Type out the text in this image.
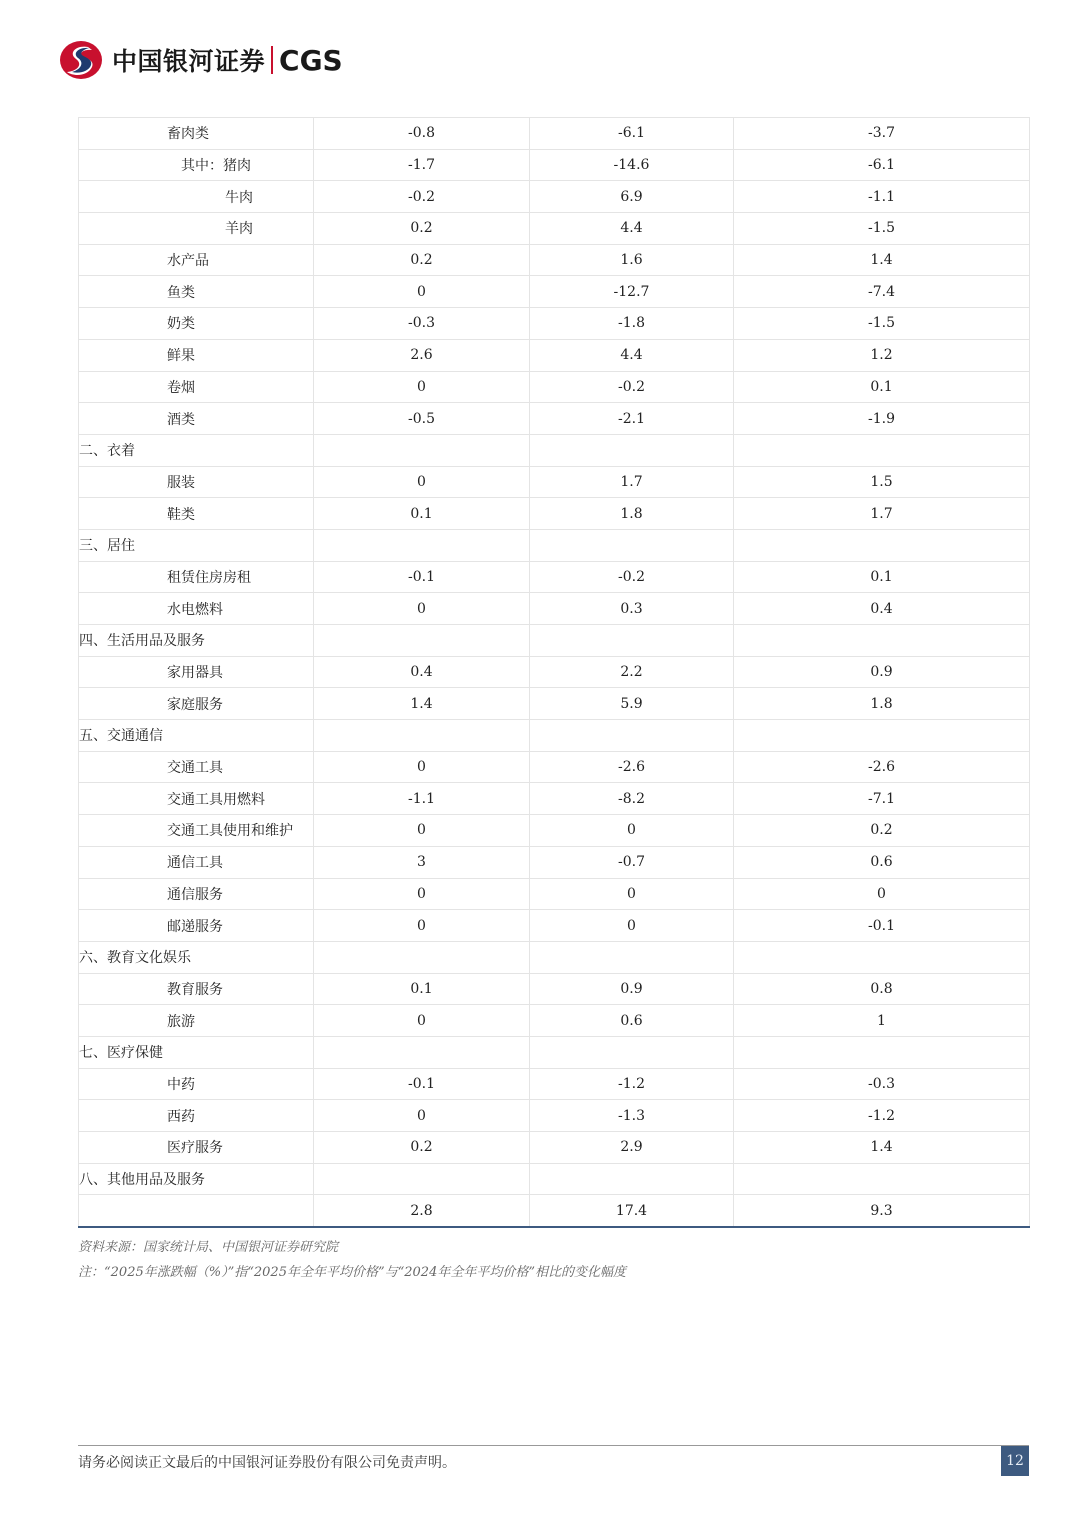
中国银河证券 CGS
畜肉类	-0.8	-6.1	-3.7
其中：猪肉	-1.7	-14.6	-6.1
牛肉	-0.2	6.9	-1.1
羊肉	0.2	4.4	-1.5
水产品	0.2	1.6	1.4
鱼类	0	-12.7	-7.4
奶类	-0.3	-1.8	-1.5
鲜果	2.6	4.4	1.2
卷烟	0	-0.2	0.1
酒类	-0.5	-2.1	-1.9
二、衣着			
服装	0	1.7	1.5
鞋类	0.1	1.8	1.7
三、居住			
租赁住房房租	-0.1	-0.2	0.1
水电燃料	0	0.3	0.4
四、生活用品及服务			
家用器具	0.4	2.2	0.9
家庭服务	1.4	5.9	1.8
五、交通通信			
交通工具	0	-2.6	-2.6
交通工具用燃料	-1.1	-8.2	-7.1
交通工具使用和维护	0	0	0.2
通信工具	3	-0.7	0.6
通信服务	0	0	0
邮递服务	0	0	-0.1
六、教育文化娱乐			
教育服务	0.1	0.9	0.8
旅游	0	0.6	1
七、医疗保健			
中药	-0.1	-1.2	-0.3
西药	0	-1.3	-1.2
医疗服务	0.2	2.9	1.4
八、其他用品及服务			
	2.8	17.4	9.3
资料来源：国家统计局、中国银河证券研究院
注：“2025年涨跌幅（%）”指“2025年全年平均价格”与“2024年全年平均价格”相比的变化幅度
请务必阅读正文最后的中国银河证券股份有限公司免责声明。	12
